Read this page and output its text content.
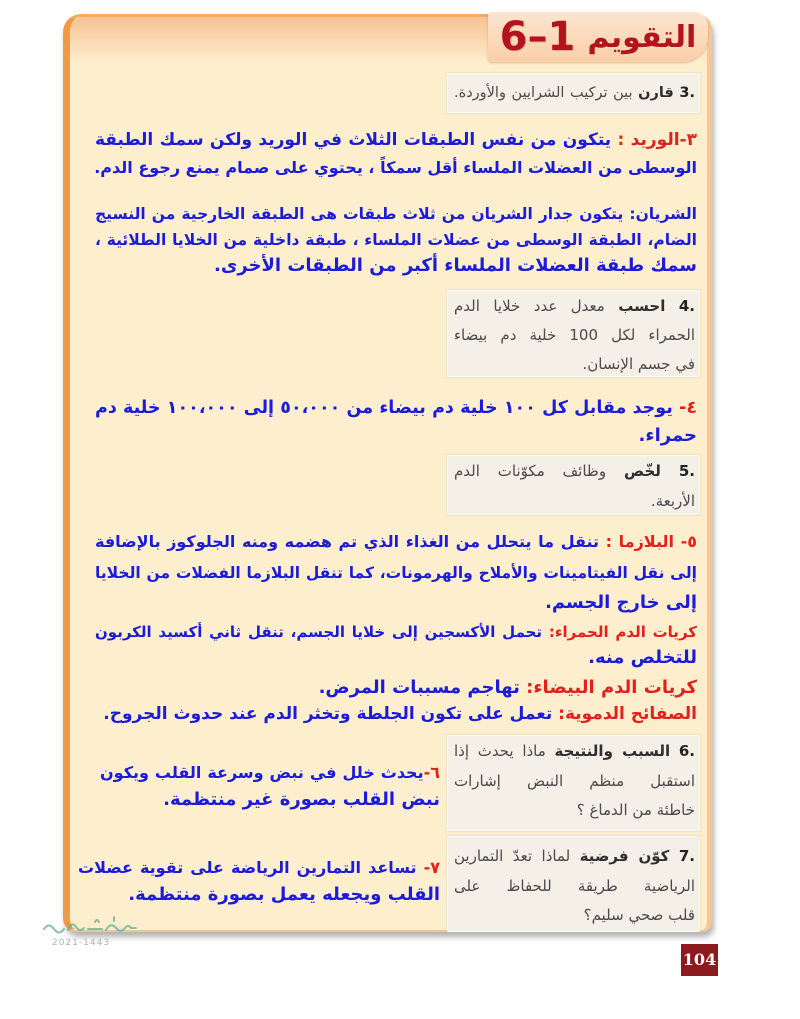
التقويم
6–1
3. قارن بين تركيب الشرايين والأوردة.
٣-الوريد : يتكون من نفس الطبقات الثلاث في الوريد ولكن سمك الطبقة
الوسطى من العضلات الملساء أقل سمكاً ، يحتوي على صمام يمنع رجوع الدم.
الشريان: يتكون جدار الشريان من ثلاث طبقات هى الطبقة الخارجية من النسيج
الضام، الطبقة الوسطى من عضلات الملساء ، طبقة داخلية من الخلايا الطلائية ،
سمك طبقة العضلات الملساء أكبر من الطبقات الأخرى.
4. احسب معدل عدد خلايا الدم
الحمراء لكل 100 خلية دم بيضاء
في جسم الإنسان.
٤- يوجد مقابل كل ١٠٠ خلية دم بيضاء من ٥٠،٠٠٠ إلى ١٠٠،٠٠٠ خلية دم
حمراء.
5. لخّص وظائف مكوّنات الدم
الأربعة.
٥- البلازما : تنقل ما يتحلل من الغذاء الذي تم هضمه ومنه الجلوكوز بالإضافة
إلى نقل الفيتامينات والأملاح والهرمونات، كما تنقل البلازما الفضلات من الخلايا
إلى خارج الجسم.
كريات الدم الحمراء: تحمل الأكسجين إلى خلايا الجسم، تنقل ثاني أكسيد الكربون
للتخلص منه.
كريات الدم البيضاء: تهاجم مسببات المرض.
الصفائح الدموية: تعمل على تكون الجلطة وتخثر الدم عند حدوث الجروح.
6. السبب والنتيجة ماذا يحدث إذا
استقبل منظم النبض إشارات
خاطئة من الدماغ ؟
٦-يحدث خلل في نبض وسرعة القلب ويكون
نبض القلب بصورة غير منتظمة.
7. كوّن فرضية لماذا تعدّ التمارين
الرياضية طريقة للحفاظ على
قلب صحي سليم؟
٧- تساعد التمارين الرياضة على تقوية عضلات
القلب ويجعله يعمل بصورة منتظمة.
2021-1443
104
